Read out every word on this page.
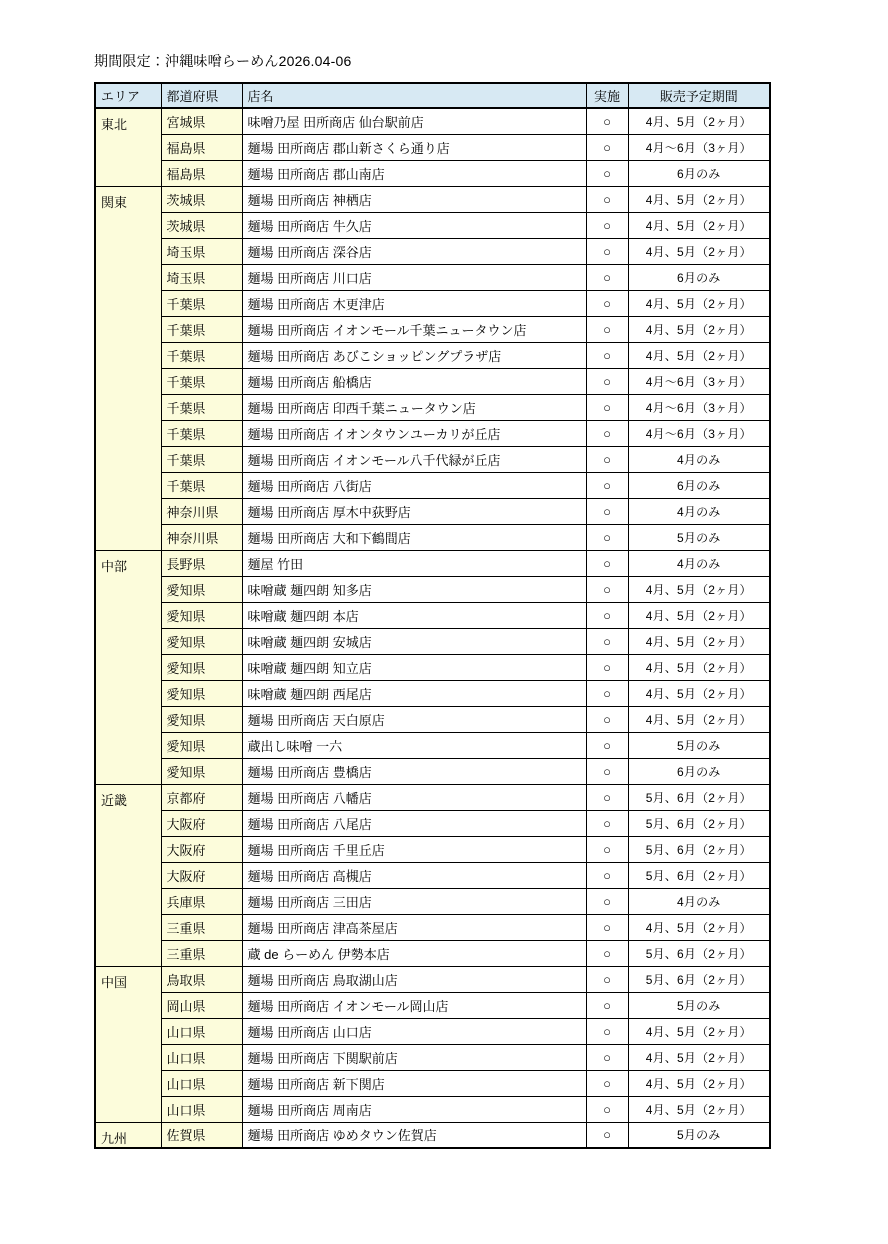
期間限定：沖縄味噌らーめん2026.04-06
エリア	都道府県	店名	実施	販売予定期間
東北	宮城県	味噌乃屋 田所商店 仙台駅前店	○	4月、5月（2ヶ月）
	福島県	麺場 田所商店 郡山新さくら通り店	○	4月〜6月（3ヶ月）
	福島県	麺場 田所商店 郡山南店	○	6月のみ
関東	茨城県	麺場 田所商店 神栖店	○	4月、5月（2ヶ月）
	茨城県	麺場 田所商店 牛久店	○	4月、5月（2ヶ月）
	埼玉県	麺場 田所商店 深谷店	○	4月、5月（2ヶ月）
	埼玉県	麺場 田所商店 川口店	○	6月のみ
	千葉県	麺場 田所商店 木更津店	○	4月、5月（2ヶ月）
	千葉県	麺場 田所商店 イオンモール千葉ニュータウン店	○	4月、5月（2ヶ月）
	千葉県	麺場 田所商店 あびこショッピングプラザ店	○	4月、5月（2ヶ月）
	千葉県	麺場 田所商店 船橋店	○	4月〜6月（3ヶ月）
	千葉県	麺場 田所商店 印西千葉ニュータウン店	○	4月〜6月（3ヶ月）
	千葉県	麺場 田所商店 イオンタウンユーカリが丘店	○	4月〜6月（3ヶ月）
	千葉県	麺場 田所商店 イオンモール八千代緑が丘店	○	4月のみ
	千葉県	麺場 田所商店 八街店	○	6月のみ
	神奈川県	麺場 田所商店 厚木中荻野店	○	4月のみ
	神奈川県	麺場 田所商店 大和下鶴間店	○	5月のみ
中部	長野県	麺屋 竹田	○	4月のみ
	愛知県	味噌蔵 麺四朗 知多店	○	4月、5月（2ヶ月）
	愛知県	味噌蔵 麺四朗 本店	○	4月、5月（2ヶ月）
	愛知県	味噌蔵 麺四朗 安城店	○	4月、5月（2ヶ月）
	愛知県	味噌蔵 麺四朗 知立店	○	4月、5月（2ヶ月）
	愛知県	味噌蔵 麺四朗 西尾店	○	4月、5月（2ヶ月）
	愛知県	麺場 田所商店 天白原店	○	4月、5月（2ヶ月）
	愛知県	蔵出し味噌 一六	○	5月のみ
	愛知県	麺場 田所商店 豊橋店	○	6月のみ
近畿	京都府	麺場 田所商店 八幡店	○	5月、6月（2ヶ月）
	大阪府	麺場 田所商店 八尾店	○	5月、6月（2ヶ月）
	大阪府	麺場 田所商店 千里丘店	○	5月、6月（2ヶ月）
	大阪府	麺場 田所商店 高槻店	○	5月、6月（2ヶ月）
	兵庫県	麺場 田所商店 三田店	○	4月のみ
	三重県	麺場 田所商店 津高茶屋店	○	4月、5月（2ヶ月）
	三重県	蔵 de らーめん 伊勢本店	○	5月、6月（2ヶ月）
中国	鳥取県	麺場 田所商店 鳥取湖山店	○	5月、6月（2ヶ月）
	岡山県	麺場 田所商店 イオンモール岡山店	○	5月のみ
	山口県	麺場 田所商店 山口店	○	4月、5月（2ヶ月）
	山口県	麺場 田所商店 下関駅前店	○	4月、5月（2ヶ月）
	山口県	麺場 田所商店 新下関店	○	4月、5月（2ヶ月）
	山口県	麺場 田所商店 周南店	○	4月、5月（2ヶ月）
九州	佐賀県	麺場 田所商店 ゆめタウン佐賀店	○	5月のみ
